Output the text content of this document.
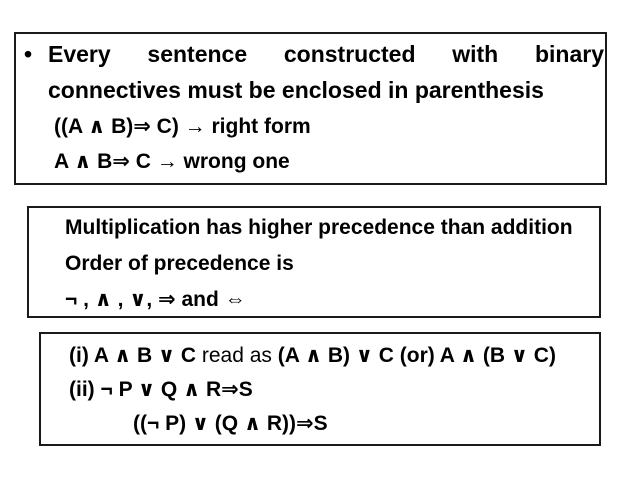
• Every sentence constructed with binary
connectives must be enclosed in parenthesis
((A ∧ B)⇒ C) → right form
A ∧ B⇒ C → wrong one
Multiplication has higher precedence than addition
Order of precedence is
¬ , ∧ , ∨, ⇒ and ⇔
(i) A ∧ B ∨ C read as (A ∧ B) ∨ C (or) A ∧ (B ∨ C)
(ii) ¬ P ∨ Q ∧ R⇒S
((¬ P) ∨ (Q ∧ R))⇒S
